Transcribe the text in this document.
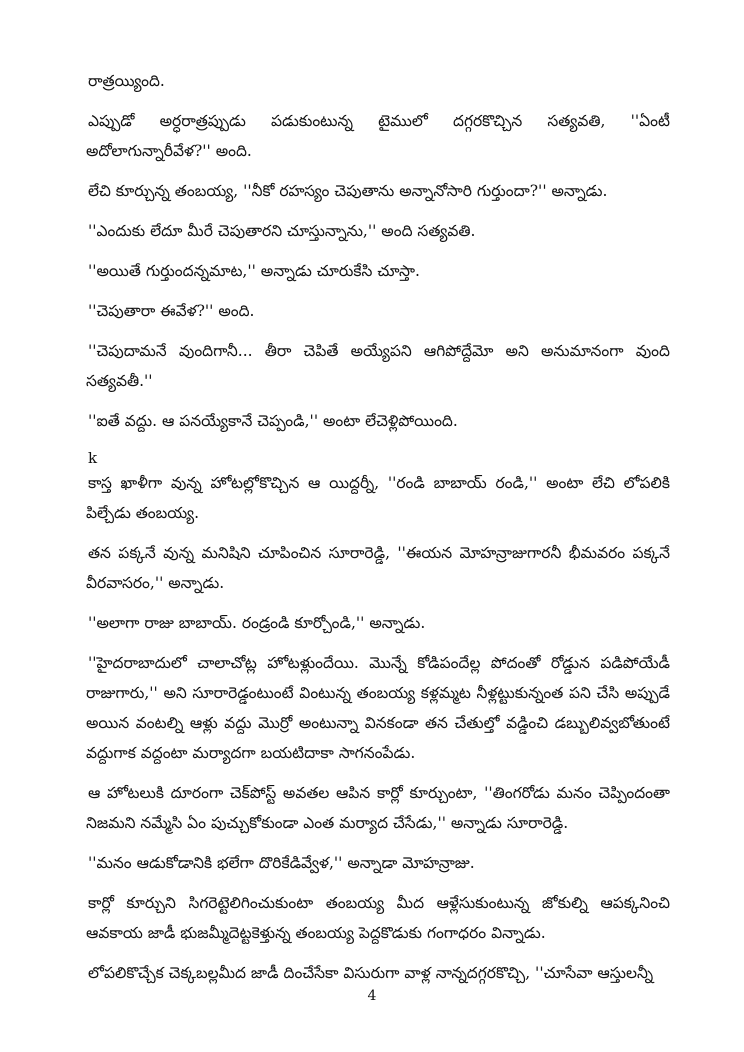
రాత్రయ్యింది.

ఎప్పుడో అర్ధరాత్రప్పుడు పడుకుంటున్న టైములో దగ్గరకొచ్చిన సత్యవతి, ''ఏంటీ అదోలాగున్నారీవేళ?'' అంది.

లేచి కూర్చున్న తంబయ్య, ''నీకో రహస్యం చెపుతాను అన్నానోసారి గుర్తుందా?'' అన్నాడు.

''ఎందుకు లేదూ మీరే చెపుతారని చూస్తున్నాను,'' అంది సత్యవతి.

''అయితే గుర్తుందన్నమాట,'' అన్నాడు చూరుకేసి చూస్తా.

''చెపుతారా ఈవేళ?'' అంది.

''చెపుదామనే వుందిగానీ... తీరా చెపితే అయ్యేపని ఆగిపోద్దేమో అని అనుమానంగా వుంది సత్యవతీ.''

''ఐతే వద్దు. ఆ పనయ్యేకానే చెప్పండి,'' అంటా లేచెళ్లిపోయింది.

k

కాస్త ఖాళీగా వున్న హోటల్లోకొచ్చిన ఆ యిద్దర్నీ, ''రండి బాబాయ్ రండి,'' అంటా లేచి లోపలికి పిల్చేడు తంబయ్య.

తన పక్కనే వున్న మనిషిని చూపించిన సూరారెడ్డి, ''ఈయన మోహన్రాజుగారనీ భీమవరం పక్కనే వీరవాసరం,'' అన్నాడు.

''అలాగా రాజు బాబాయ్. రండ్రండి కూర్చోండి,'' అన్నాడు.

''హైదరాబాదులో చాలాచోట్ల హోటళ్లుందేయి. మొన్నే కోడిపందేల్ల పోదంతో రోడ్డున పడిపోయేడీ రాజుగారు,'' అని సూరారెడ్డంటుంటే వింటున్న తంబయ్య కళ్లమ్మట నీళ్లట్టుకున్నంత పని చేసి అప్పుడే అయిన వంటల్ని ఆళ్లు వద్దు మొర్రో అంటున్నా వినకండా తన చేతుల్తో వడ్డించి డబ్బులివ్వబోతుంటే వద్దుగాక వద్దంటా మర్యాదగా బయటిదాకా సాగనంపేడు.

ఆ హోటలుకి దూరంగా చెక్‌పోస్ట్ అవతల ఆపిన కార్లో కూర్చుంటా, ''తింగరోడు మనం చెప్పిందంతా నిజమని నమ్మేసి ఏం పుచ్చుకోకుండా ఎంత మర్యాద చేసేడు,'' అన్నాడు సూరారెడ్డి.

''మనం ఆడుకోడానికి భలేగా దొరికేడివ్వేళ,'' అన్నాడా మోహన్రాజు.

కార్లో కూర్చుని సిగరెట్టెలిగించుకుంటా తంబయ్య మీద ఆళ్లేసుకుంటున్న జోకుల్ని ఆపక్కనించి ఆవకాయ జాడీ భుజమ్మీదెట్టకెళ్తున్న తంబయ్య పెద్దకొడుకు గంగాధరం విన్నాడు.

లోపలికొచ్చేక చెక్కబల్లమీద జాడీ దించేసేకా విసురుగా వాళ్ల నాన్నదగ్గరకొచ్చి, ''చూసేవా ఆస్తులన్నీ

4
